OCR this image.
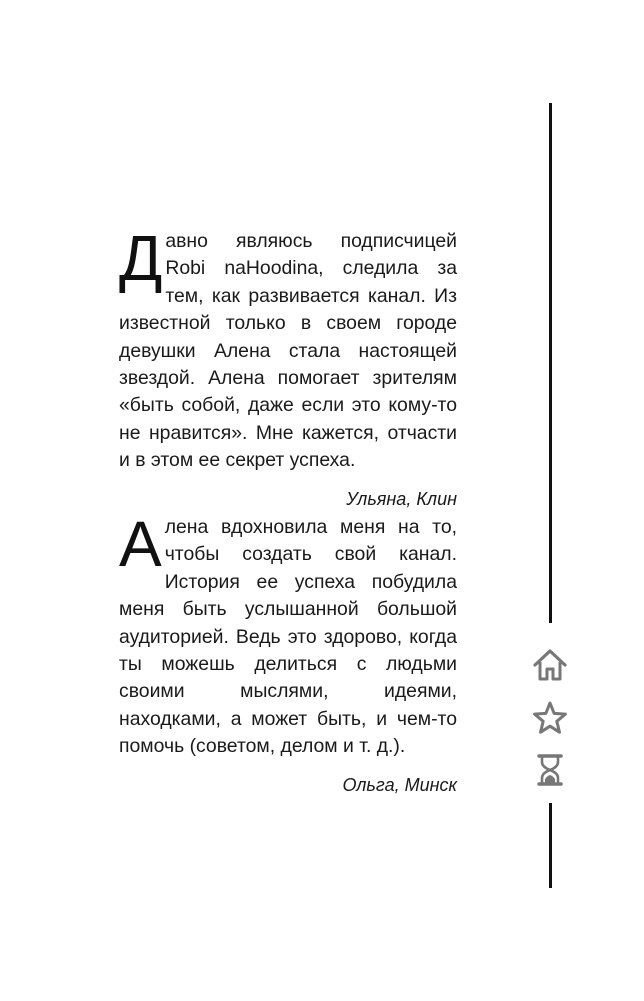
Давно являюсь подписчицей Robi naHoodina, следила за тем, как развивается канал. Из известной только в своем городе девушки Алена стала настоящей звездой. Алена помогает зрителям «быть собой, даже если это кому-то не нравится». Мне кажется, отчасти и в этом ее секрет успеха.

Ульяна, Клин

Алена вдохновила меня на то, чтобы создать свой канал. История ее успеха побудила меня быть услышанной большой аудиторией. Ведь это здорово, когда ты можешь делиться с людьми своими мыслями, идеями, находками, а может быть, и чем-то помочь (советом, делом и т. д.).

Ольга, Минск
